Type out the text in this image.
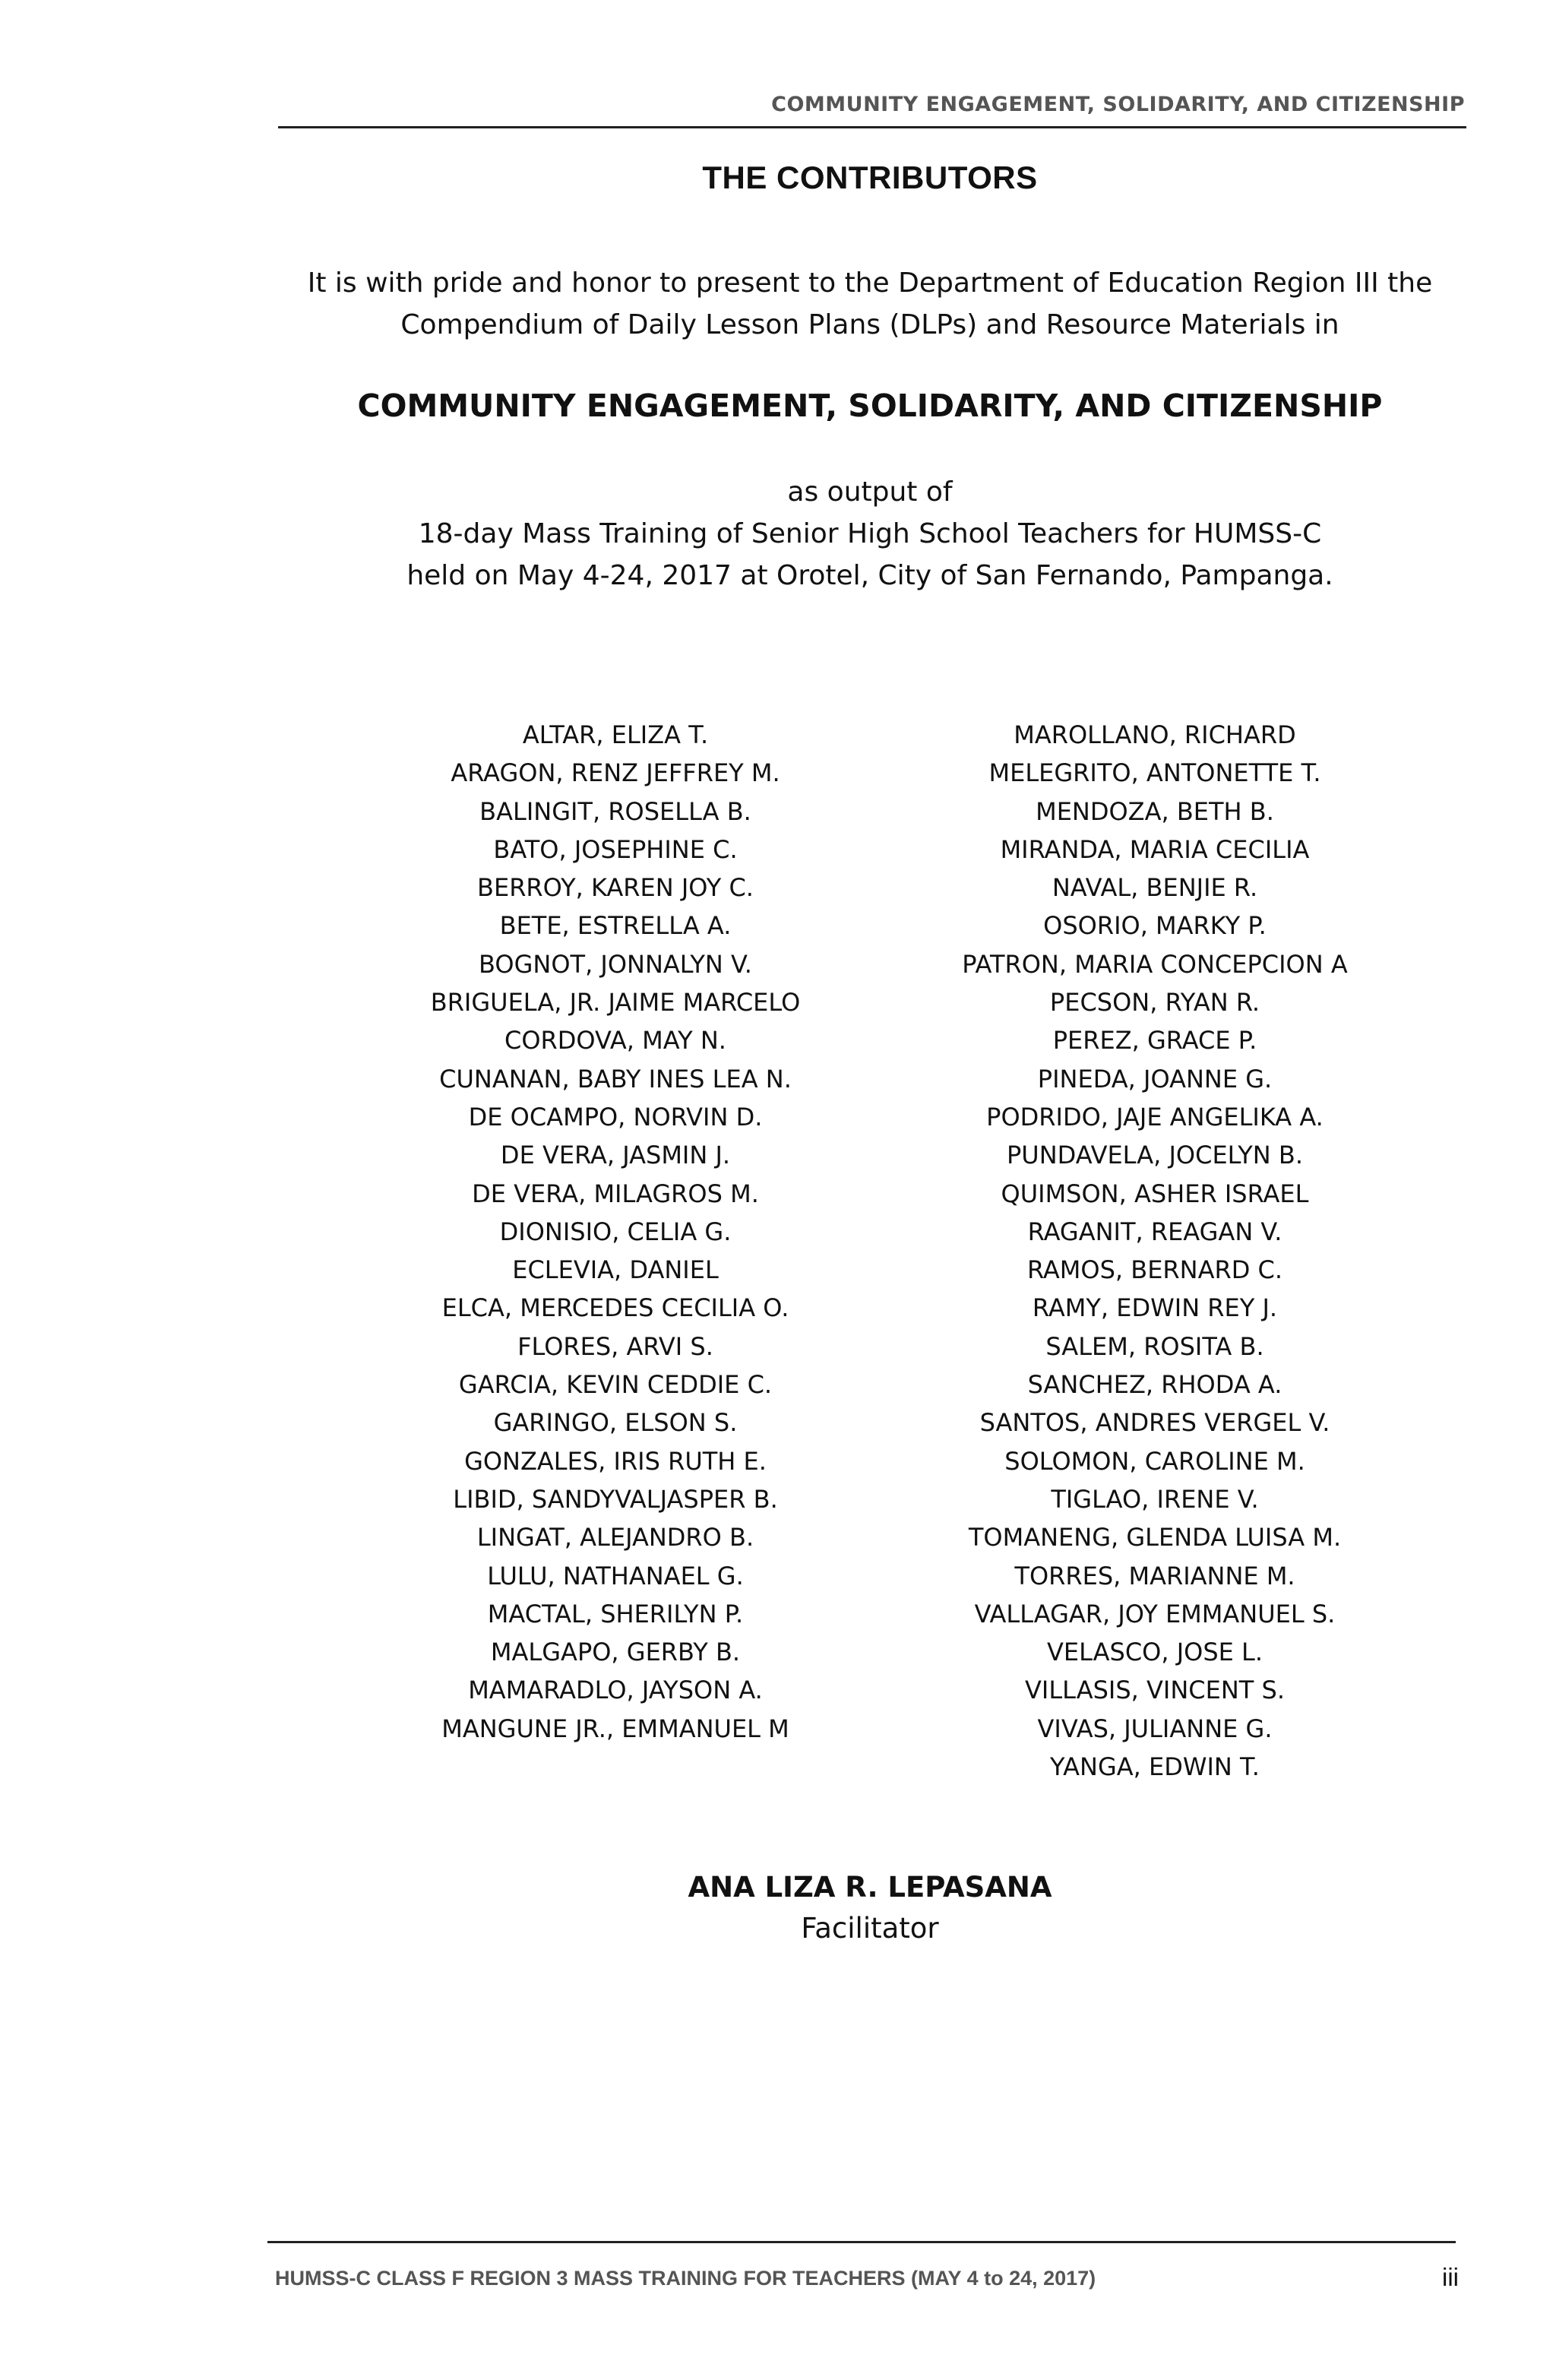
COMMUNITY ENGAGEMENT, SOLIDARITY, AND CITIZENSHIP
THE CONTRIBUTORS
It is with pride and honor to present to the Department of Education Region III the
Compendium of Daily Lesson Plans (DLPs) and Resource Materials in
COMMUNITY ENGAGEMENT, SOLIDARITY, AND CITIZENSHIP
as output of
18-day Mass Training of Senior High School Teachers for HUMSS-C
held on May 4-24, 2017 at Orotel, City of San Fernando, Pampanga.
ALTAR, ELIZA T.
ARAGON, RENZ JEFFREY M.
BALINGIT, ROSELLA B.
BATO, JOSEPHINE C.
BERROY, KAREN JOY C.
BETE, ESTRELLA A.
BOGNOT, JONNALYN V.
BRIGUELA, JR. JAIME MARCELO
CORDOVA, MAY N.
CUNANAN, BABY INES LEA N.
DE OCAMPO, NORVIN D.
DE VERA, JASMIN J.
DE VERA, MILAGROS M.
DIONISIO, CELIA G.
ECLEVIA, DANIEL
ELCA, MERCEDES CECILIA O.
FLORES, ARVI S.
GARCIA, KEVIN CEDDIE C.
GARINGO, ELSON S.
GONZALES, IRIS RUTH E.
LIBID, SANDYVALJASPER B.
LINGAT, ALEJANDRO B.
LULU, NATHANAEL G.
MACTAL, SHERILYN P.
MALGAPO, GERBY B.
MAMARADLO, JAYSON A.
MANGUNE JR., EMMANUEL M
MAROLLANO, RICHARD
MELEGRITO, ANTONETTE T.
MENDOZA, BETH B.
MIRANDA, MARIA CECILIA
NAVAL, BENJIE R.
OSORIO, MARKY P.
PATRON, MARIA CONCEPCION A
PECSON, RYAN R.
PEREZ, GRACE P.
PINEDA, JOANNE G.
PODRIDO, JAJE ANGELIKA A.
PUNDAVELA, JOCELYN B.
QUIMSON, ASHER ISRAEL
RAGANIT, REAGAN V.
RAMOS, BERNARD C.
RAMY, EDWIN REY J.
SALEM, ROSITA B.
SANCHEZ, RHODA A.
SANTOS, ANDRES VERGEL V.
SOLOMON, CAROLINE M.
TIGLAO, IRENE V.
TOMANENG, GLENDA LUISA M.
TORRES, MARIANNE M.
VALLAGAR, JOY EMMANUEL S.
VELASCO, JOSE L.
VILLASIS, VINCENT S.
VIVAS, JULIANNE G.
YANGA, EDWIN T.
ANA LIZA R. LEPASANA
Facilitator
HUMSS-C CLASS F REGION 3 MASS TRAINING FOR TEACHERS (MAY 4 to 24, 2017)	iii
